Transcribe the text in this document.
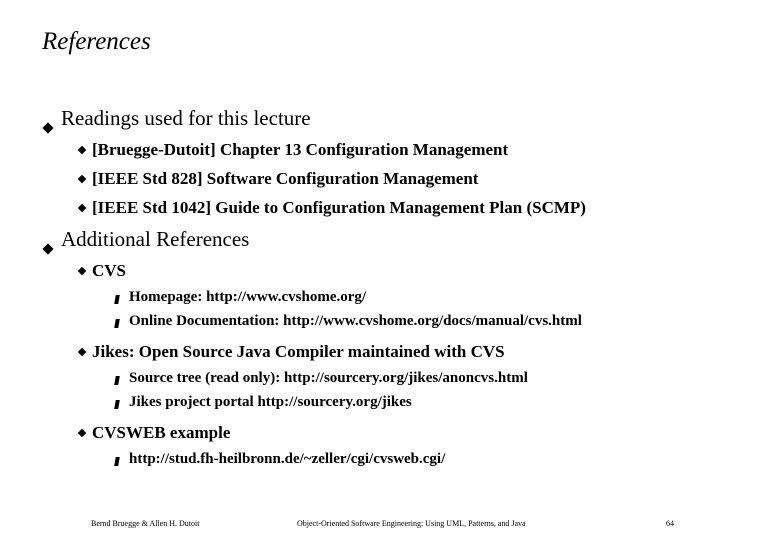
References
Readings used for this lecture
[Bruegge-Dutoit] Chapter 13 Configuration Management
[IEEE Std 828] Software Configuration Management
[IEEE Std 1042] Guide to Configuration Management Plan (SCMP)
Additional References
CVS
Homepage: http://www.cvshome.org/
Online Documentation: http://www.cvshome.org/docs/manual/cvs.html
Jikes: Open Source Java Compiler maintained with CVS
Source tree (read only): http://sourcery.org/jikes/anoncvs.html
Jikes project portal http://sourcery.org/jikes
CVSWEB example
http://stud.fh-heilbronn.de/~zeller/cgi/cvsweb.cgi/
Bernd Bruegge & Allen H. Dutoit	Object-Oriented Software Engineering: Using UML, Patterns, and Java	64
